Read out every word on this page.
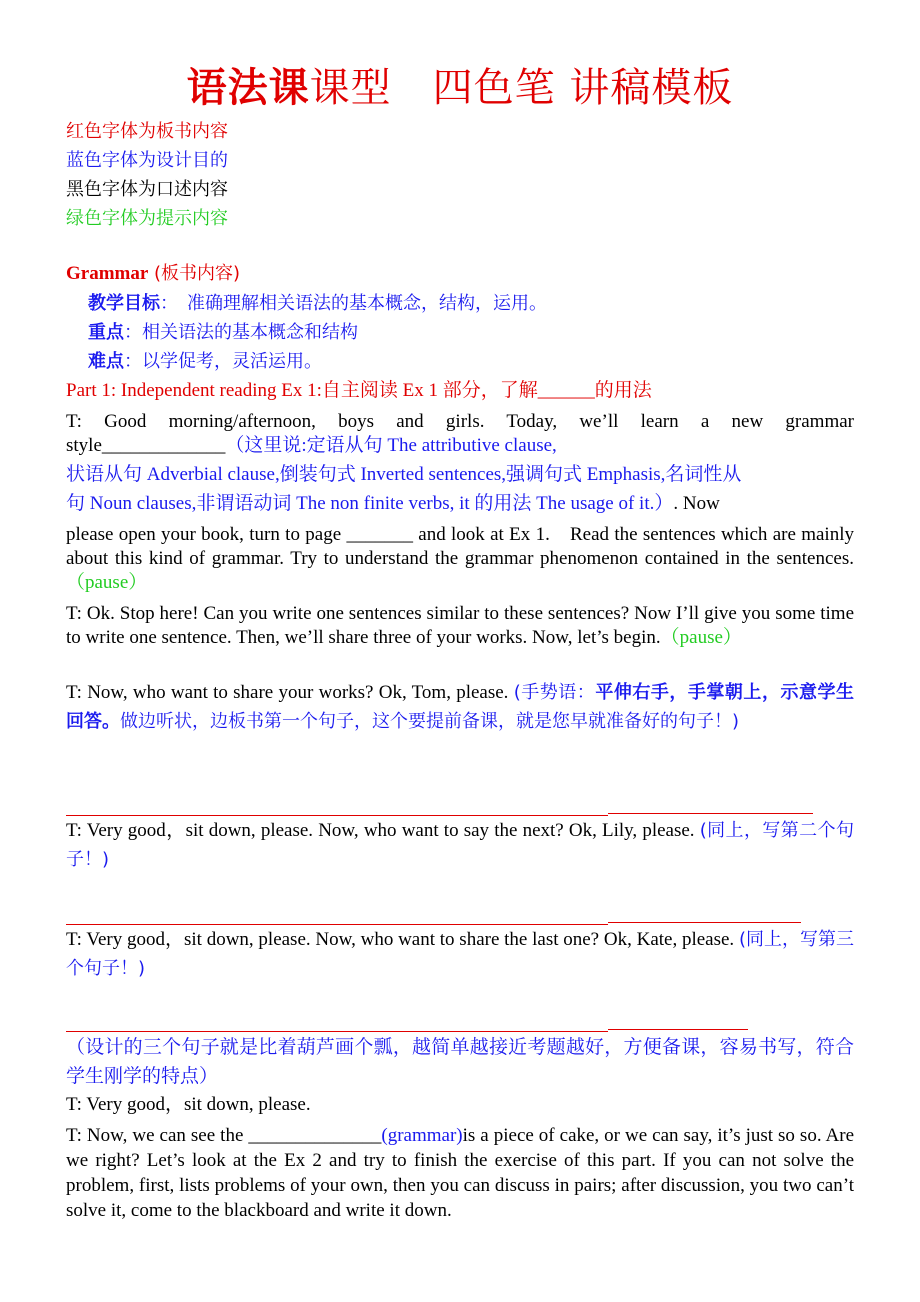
语法课课型　四色笔 讲稿模板
红色字体为板书内容
蓝色字体为设计目的
黑色字体为口述内容
绿色字体为提示内容
Grammar (板书内容)
教学目标：　准确理解相关语法的基本概念，结构，运用。
重点：相关语法的基本概念和结构
难点：以学促考，灵活运用。
Part 1: Independent reading Ex 1:自主阅读 Ex 1 部分，了解______的用法
T: Good morning/afternoon, boys and girls. Today, we’ll learn a new grammar
style_____________（这里说:定语从句 The attributive clause,
状语从句 Adverbial clause,倒装句式 Inverted sentences,强调句式 Emphasis,名词性从
句 Noun clauses,非谓语动词 The non finite verbs, it 的用法 The usage of it.）. Now
please open your book, turn to page _______ and look at Ex 1.　Read the sentences which are mainly about this kind of grammar. Try to understand the grammar phenomenon contained in the sentences.（pause）
T: Ok. Stop here! Can you write one sentences similar to these sentences? Now I’ll give you some time to write one sentence. Then, we’ll share three of your works. Now, let’s begin.（pause）
T: Now, who want to share your works? Ok, Tom, please. (手势语：平伸右手，手掌朝上，示意学生回答。做边听状，边板书第一个句子，这个要提前备课，就是您早就准备好的句子！)
T: Very good，sit down, please. Now, who want to say the next? Ok, Lily, please. (同上，写第二个句子！)
T: Very good，sit down, please. Now, who want to share the last one? Ok, Kate, please. (同上，写第三个句子！)
（设计的三个句子就是比着葫芦画个瓢，越简单越接近考题越好，方便备课，容易书写，符合学生刚学的特点）
T: Very good，sit down, please.
T: Now, we can see the ______________(grammar)is a piece of cake, or we can say, it’s just so so. Are we right? Let’s look at the Ex 2 and try to finish the exercise of this part. If you can not solve the problem, first, lists problems of your own, then you can discuss in pairs; after discussion, you two can’t solve it, come to the blackboard and write it down.
